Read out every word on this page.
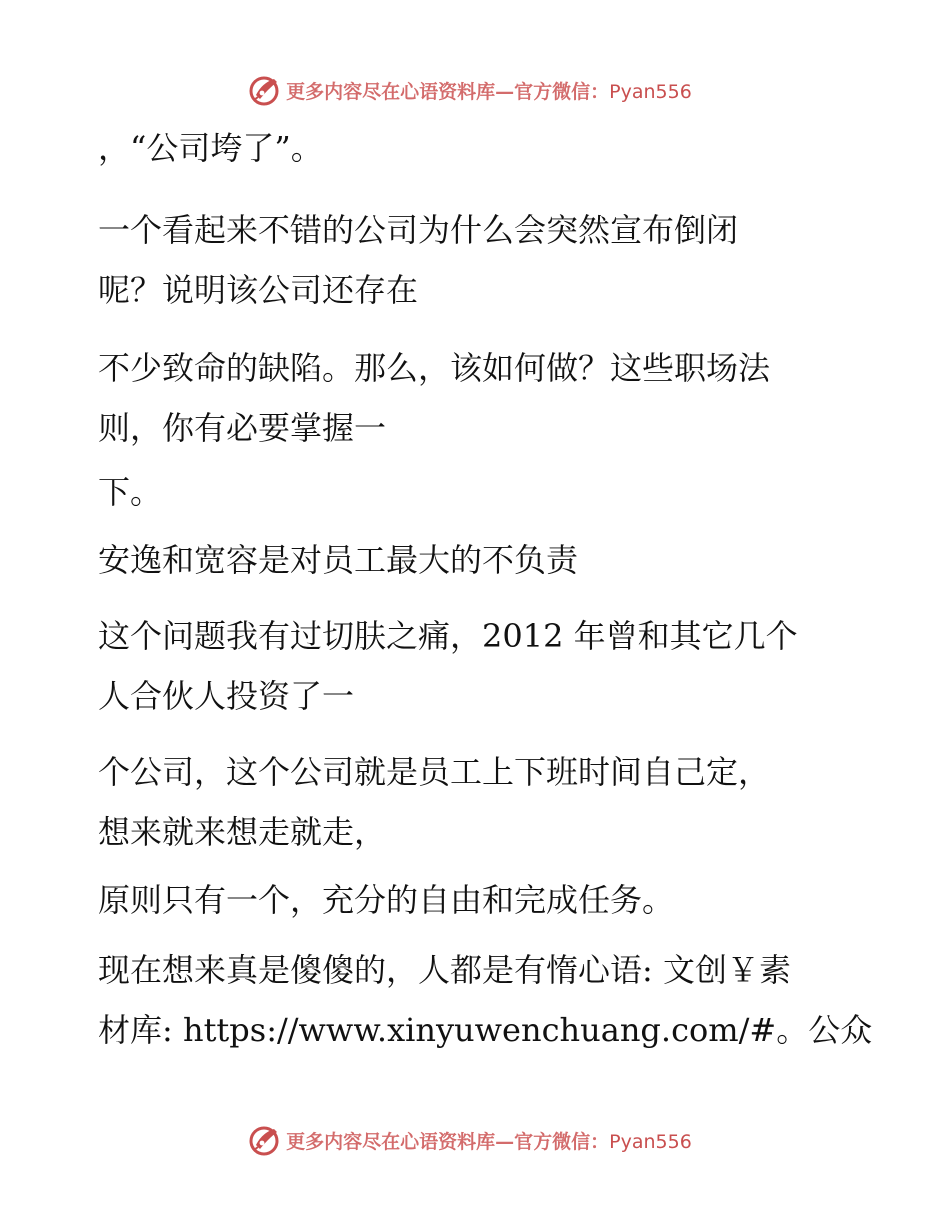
更多内容尽在心语资料库—官方微信：Pyan556

，“公司垮了”。

一个看起来不错的公司为什么会突然宣布倒闭
呢？说明该公司还存在

不少致命的缺陷。那么，该如何做？这些职场法
则，你有必要掌握一

下。

安逸和宽容是对员工最大的不负责

这个问题我有过切肤之痛，2012 年曾和其它几个
人合伙人投资了一

个公司，这个公司就是员工上下班时间自己定，
想来就来想走就走，

原则只有一个，充分的自由和完成任务。

现在想来真是傻傻的，人都是有惰心语: 文创￥素
材库: https://www.xinyuwenchuang.com/#。公众

更多内容尽在心语资料库—官方微信：Pyan556
